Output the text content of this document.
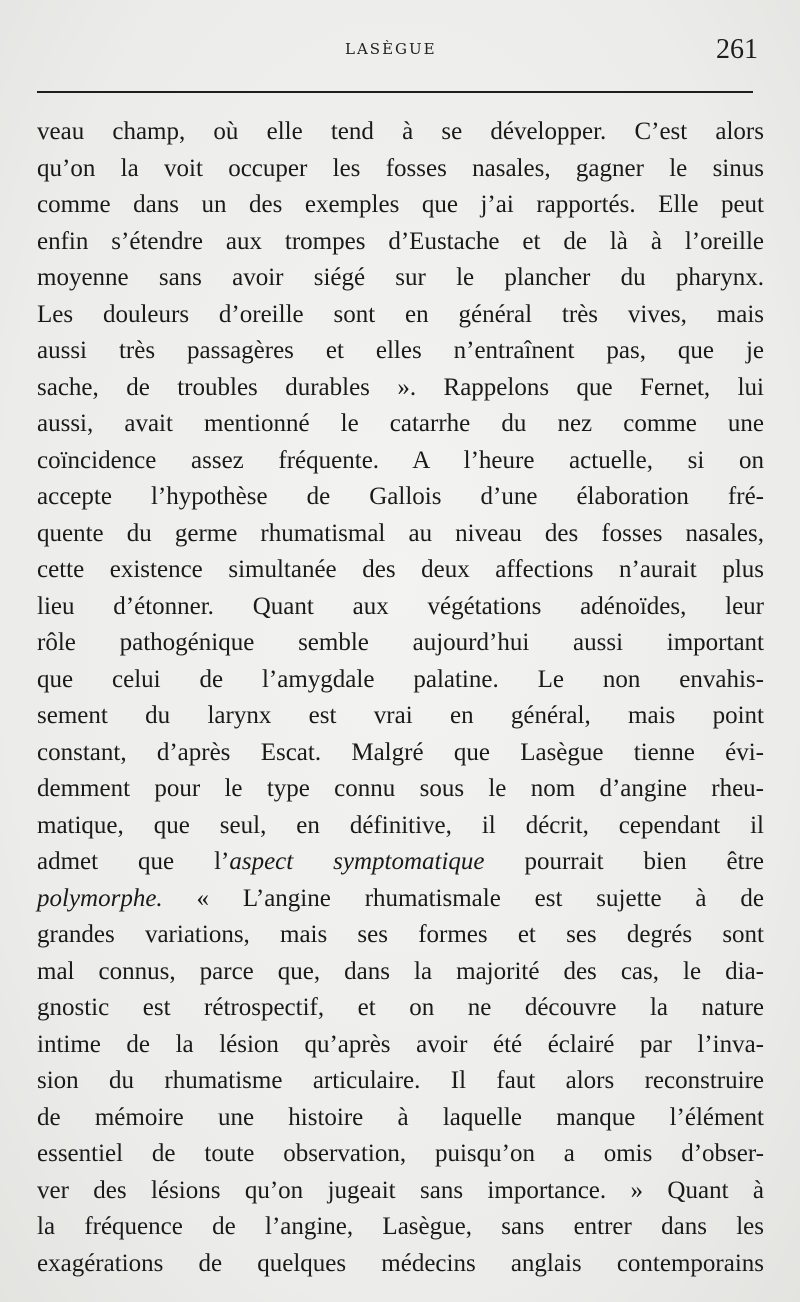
LASÈGUE	261
veau champ, où elle tend à se développer. C’est alors
qu’on la voit occuper les fosses nasales, gagner le sinus
comme dans un des exemples que j’ai rapportés. Elle peut
enfin s’étendre aux trompes d’Eustache et de là à l’oreille
moyenne sans avoir siégé sur le plancher du pharynx.
Les douleurs d’oreille sont en général très vives, mais
aussi très passagères et elles n’entraînent pas, que je
sache, de troubles durables ». Rappelons que Fernet, lui
aussi, avait mentionné le catarrhe du nez comme une
coïncidence assez fréquente. A l’heure actuelle, si on
accepte l’hypothèse de Gallois d’une élaboration fré-
quente du germe rhumatismal au niveau des fosses nasales,
cette existence simultanée des deux affections n’aurait plus
lieu d’étonner. Quant aux végétations adénoïdes, leur
rôle pathogénique semble aujourd’hui aussi important
que celui de l’amygdale palatine. Le non envahis-
sement du larynx est vrai en général, mais point
constant, d’après Escat. Malgré que Lasègue tienne évi-
demment pour le type connu sous le nom d’angine rheu-
matique, que seul, en définitive, il décrit, cependant il
admet que l’aspect symptomatique pourrait bien être
polymorphe. « L’angine rhumatismale est sujette à de
grandes variations, mais ses formes et ses degrés sont
mal connus, parce que, dans la majorité des cas, le dia-
gnostic est rétrospectif, et on ne découvre la nature
intime de la lésion qu’après avoir été éclairé par l’inva-
sion du rhumatisme articulaire. Il faut alors reconstruire
de mémoire une histoire à laquelle manque l’élément
essentiel de toute observation, puisqu’on a omis d’obser-
ver des lésions qu’on jugeait sans importance. » Quant à
la fréquence de l’angine, Lasègue, sans entrer dans les
exagérations de quelques médecins anglais contemporains
